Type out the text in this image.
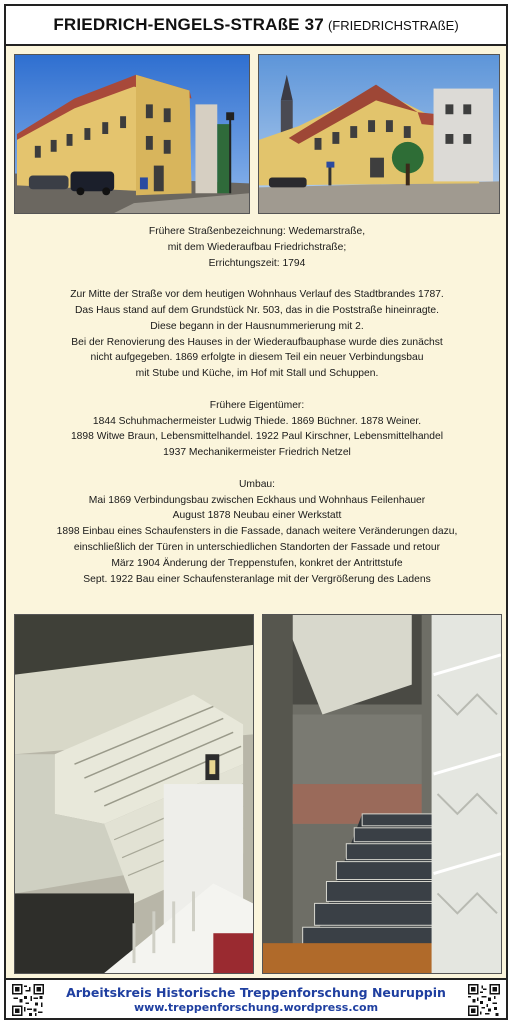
FRIEDRICH-ENGELS-STRAßE 37 (FRIEDRICHSTRAßE)
Frühere Straßenbezeichnung: Wedemarstraße,
mit dem Wiederaufbau Friedrichstraße;
Errichtungszeit: 1794
Zur Mitte der Straße vor dem heutigen Wohnhaus Verlauf des Stadtbrandes 1787.
Das Haus stand auf dem Grundstück Nr. 503, das in die Poststraße hineinragte.
Diese begann in der Hausnummerierung mit 2.
Bei der Renovierung des Hauses in der Wiederaufbauphase wurde dies zunächst
nicht aufgegeben. 1869 erfolgte in diesem Teil ein neuer Verbindungsbau
mit Stube und Küche, im Hof mit Stall und Schuppen.
Frühere Eigentümer:
1844 Schuhmachermeister Ludwig Thiede. 1869 Büchner. 1878 Weiner.
1898 Witwe Braun, Lebensmittelhandel. 1922 Paul Kirschner, Lebensmittelhandel
1937 Mechanikermeister Friedrich Netzel
Umbau:
Mai 1869 Verbindungsbau zwischen Eckhaus und Wohnhaus Feilenhauer
August 1878 Neubau einer Werkstatt
1898 Einbau eines Schaufensters in die Fassade, danach weitere Veränderungen dazu,
einschließlich der Türen in unterschiedlichen Standorten der Fassade und retour
März 1904 Änderung der Treppenstufen, konkret der Antrittstufe
Sept. 1922 Bau einer Schaufensteranlage mit der Vergrößerung des Ladens
Arbeitskreis Historische Treppenforschung Neuruppin
www.treppenforschung.wordpress.com
